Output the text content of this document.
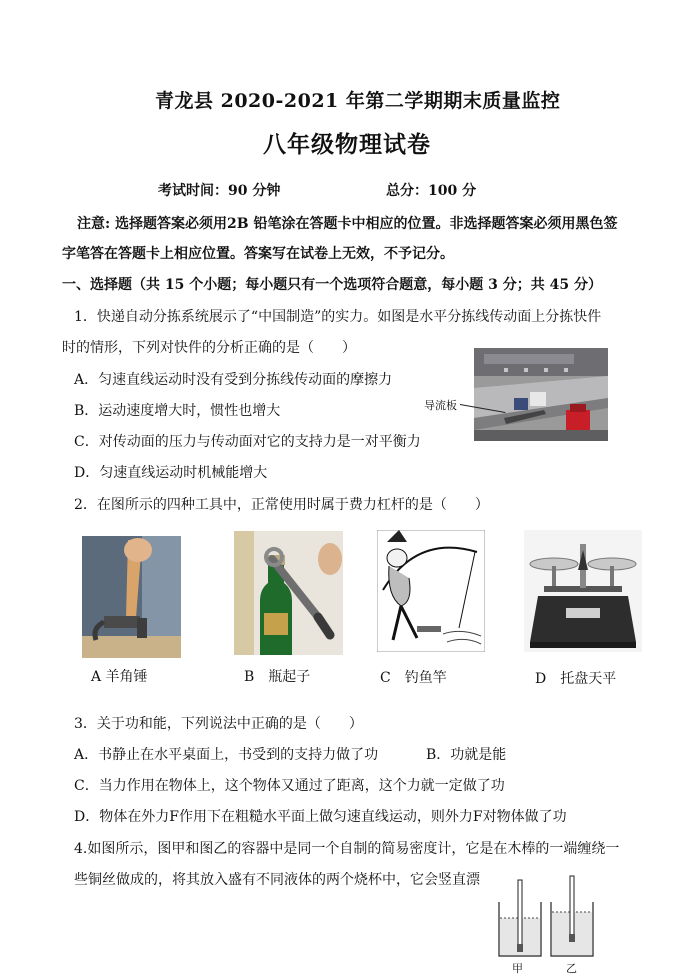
青龙县 2020-2021 年第二学期期末质量监控
八年级物理试卷
考试时间：90 分钟	总分：100 分
注意: 选择题答案必须用2B 铅笔涂在答题卡中相应的位置。非选择题答案必须用黑色签
字笔答在答题卡上相应位置。答案写在试卷上无效，不予记分。
一、选择题（共 15 个小题；每小题只有一个选项符合题意，每小题 3 分；共 45 分）
1．快递自动分拣系统展示了“中国制造”的实力。如图是水平分拣线传动面上分拣快件
时的情形，下列对快件的分析正确的是（　　）
A．匀速直线运动时没有受到分拣线传动面的摩擦力
B．运动速度增大时，惯性也增大
C．对传动面的压力与传动面对它的支持力是一对平衡力
D．匀速直线运动时机械能增大
导流板
2．在图所示的四种工具中，正常使用时属于费力杠杆的是（　　）
A 羊角锤	B　瓶起子	C　钓鱼竿	D　托盘天平
3．关于功和能，下列说法中正确的是（　　）
A．书静止在水平桌面上，书受到的支持力做了功	B．功就是能
C．当力作用在物体上，这个物体又通过了距离，这个力就一定做了功
D．物体在外力F作用下在粗糙水平面上做匀速直线运动，则外力F对物体做了功
4.如图所示，图甲和图乙的容器中是同一个自制的简易密度计，它是在木棒的一端缠绕一
些铜丝做成的，将其放入盛有不同液体的两个烧杯中，它会竖直漂
甲	乙
